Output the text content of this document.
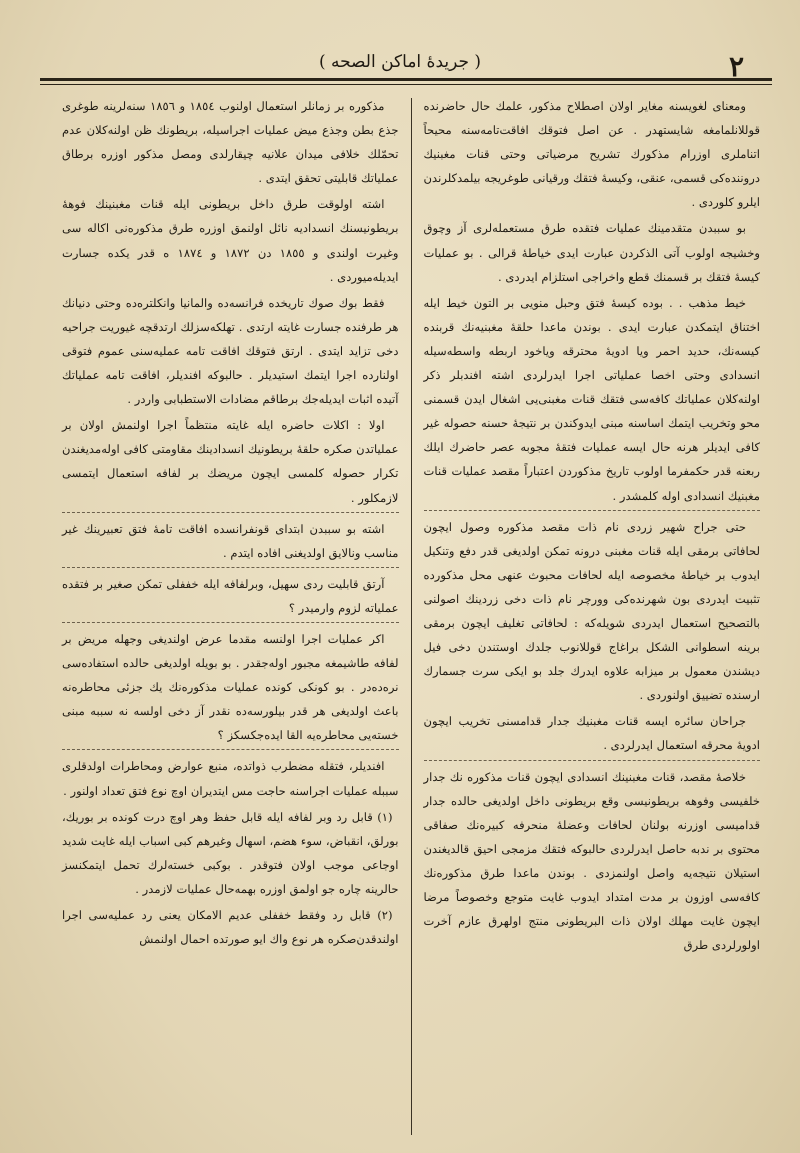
( جريدهٔ اماكن الصحه )	٢

ومعناى لغويسنه مغاير اولان اصطلاح مذكور، علمك حال حاضرنده قوللانلمامغه شايستهدر . عن اصل فتوقك افاقت‌تامه‌سنه محيحاً اتناملرى اوزرام مذكورك تشريح مرضياتى وحتى قنات مغبنيك دروننده‌كى قسمى، عنقى، وكيسهٔ فتقك ورقيانى طوغريجه بيلمدكلرندن ايلرو كلوردى .

بو سببدن متقدمينك عمليات فتقده طرق مستعمله‌لرى آز وچوق وخشيجه اولوب آتى الذكردن عبارت ايدى خياطهٔ قرالى . بو عمليات كيسهٔ فتقك بر قسمنك قطع واخراجى استلزام ايدردى .

خيط مذهب . . بوده كيسهٔ فتق وحبل منويى بر التون خيط ايله اختناق ايتمكدن عبارت ايدى . بوندن ماعدا حلقهٔ مغبنيه‌نك قربنده كيسه‌نك، حديد احمر ويا ادويهٔ محترقه وياخود اربطه واسطه‌سيله انسدادى وحتى اخصا عملياتى اجرا ايدرلردى اشته افندبلر ذكر اولنه‌كلان عملياتك كافه‌سى فتقك قنات مغبنى‌يى اشغال ايدن قسمنى محو وتخريب ايتمك اساسنه مبنى ايدوكندن بر نتيجهٔ حسنه حصوله غير كافى ايديلر هرنه حال ايسه عمليات فتقهٔ مجوبه عصر حاضرك ايلك ربعنه قدر حكمفرما اولوب تاريخ مذكوردن اعتباراً مقصد عمليات قنات مغبنيك انسدادى اوله كلمشدر .

حتى جراح شهير زردى نام ذات مقصد مذكوره وصول ايچون لحافاتى برمقى ايله قنات مغبنى درونه تمكن اولديغى قدر دفع وتنكيل ايدوب بر خياطهٔ مخصوصه ايله لحافات محبوث عنهى محل مذكورده تثبيت ايدردى بون شهرنده‌كى وورچر نام ذات دخى زردينك اصولنى بالتصحيح استعمال ايدردى شويله‌كه : لحافاتى تغليف ايچون برمقى برينه اسطوانى الشكل براغاج قوللانوب جلدك اوستندن دخى فيل ديشندن معمول بر ميزابه علاوه ايدرك جلد بو ايكى سرت جسمارك ارسنده تضييق اولنوردى .

جراحان سائره ايسه قنات مغبنيك جدار قدامسنى تخريب ايچون ادويهٔ محرقه استعمال ايدرلردى .

خلاصهٔ مقصد، قنات مغبنينك انسدادى ايچون قنات مذكوره نك جدار خلفيسى وفوهه بريطونيسى وقع بريطونى داخل اولديغى حالده جدار قداميسى اوزرنه بولنان لحافات وعضلهٔ منحرفه كبيره‌نك صفاقى محتوى بر ندبه حاصل ايدرلردى حالبوكه فتقك مزمجى احيق قالديغندن استيلان نتيجه‌يه واصل اولنمزدى . بوندن ماعدا طرق مذكوره‌نك كافه‌سى اوزون بر مدت امتداد ايدوب غايت متوجع وخصوصاً مرضا ايچون غايت مهلك اولان ذات البريطونى منتج اولهرق عازم آخرت اولورلردى طرق

مذكوره بر زمانلر استعمال اولنوب ١٨٥٤ و ١٨٥٦ سنه‌لرينه طوغرى جذع بطن وجذع ميض عمليات اجراسيله، بريطونك ظن اولنه‌كلان عدم تحمّلك خلافى ميدان علانيه چيقارلدى ومصل مذكور اوزره برطاق عملياتك قابليتى تحقق ايتدى .

اشته اولوقت طرق داخل بريطونى ايله قنات مغبنينك فوههٔ بريطونيسنك انسداديه نائل اولنمق اوزره طرق مذكوره‌نى اكاله سى وغيرت اولندى و ١٨٥٥ دن ١٨٧٢ و ١٨٧٤ ه قدر يكده جسارت ايديله‌ميوردى .

فقط بوك صوك تاريخده فرانسه‌ده والمانيا وانكلتره‌ده وحتى دنيانك هر طرفنده جسارت غايته ارتدى . تهلكه‌سزلك ارتدقچه غيوريت جراحيه دخى تزايد ايتدى . ارتق فتوقك افاقت تامه عمليه‌سنى عموم فتوقى اولنارده اجرا ايتمك استيديلر . حالبوكه افنديلر، افاقت تامه عملياتك آتيده اثبات ايديله‌جك برطاقم مضادات الاستطبابى واردر .

اولا : اكلات حاضره ايله غايته منتظماً اجرا اولنمش اولان بر عملياتدن صكره حلقهٔ بريطونيك انسدادينك مقاومتى كافى اوله‌مديغندن تكرار حصوله كلمسى ايچون مريضك بر لفافه استعمال ايتمسى لازمكلور .

اشته بو سببدن ابتداى قونفرانسده افاقت تامهٔ فتق تعبيرينك غير مناسب ونالايق اولديغنى افاده ايتدم .

آرتق قابليت ردى سهيل، وبرلفافه ايله خففلى تمكن صغير بر فتقده عملياته لزوم وارميدر ؟

اكر عمليات اجرا اولنسه مقدما عرض اولنديغى وجهله مريض بر لفافه طاشيمغه مجبور اوله‌جقدر . بو بويله اولديغى حالده استفاده‌سى نره‌ده‌در . بو كونكى كونده عمليات مذكوره‌نك يك جزئى محاطره‌نه باعث اولديغى هر قدر بيلورسه‌ده نقدر آز دخى اولسه نه سببه مبنى خسته‌يى محاطره‌يه القا ايده‌جكسكز ؟

افنديلر، فتقله مضطرب ذواتده، منبع عوارض ومحاطرات اولدقلرى سببله عمليات اجراسنه حاجت مس ايتديران اوچ نوع فتق تعداد اولنور .

(١) قابل رد وبر لفافه ايله قابل حفظ وهر اوچ درت كونده بر بوريك، بورلق، انقباض، سوء هضم، اسهال وغيرهم كبى اسباب ايله غايت شديد اوجاعى موجب اولان فتوقدر . بوكبى خسته‌لرك تحمل ايتمكنسز حالرينه چاره جو اولمق اوزره بهمه‌حال عمليات لازمدر .

(٢) قابل رد وفقط خففلى عديم الامكان يعنى رد عمليه‌سى اجرا اولندقدن‌صكره هر نوع واك ايو صورتده احمال اولنمش
